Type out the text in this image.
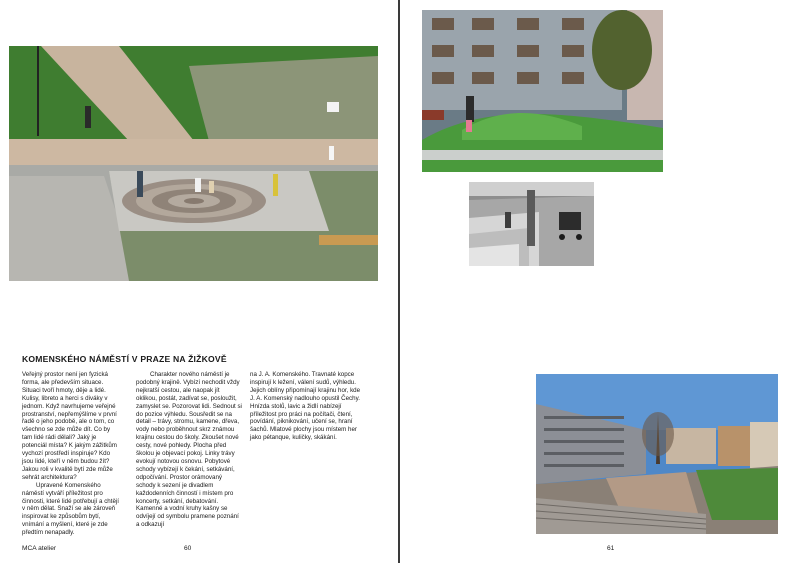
KOMENSKÉHO NÁMĚSTÍ V PRAZE NA ŽIŽKOVĚ

Veřejný prostor není jen fyzická forma, ale především situace. Situaci tvoří hmoty, děje a lidé. Kulisy, libreto a herci s diváky v jednom. Když navrhujeme veřejné prostranství, nepřemýšlíme v první řadě o jeho podobě, ale o tom, co všechno se zde může dít. Co by tam lidé rádi dělali? Jaký je potenciál místa? K jakým zážitkům vychozí prostředí inspiruje? Kdo jsou lidé, kteří v něm budou žít? Jakou roli v kvalitě bytí zde může sehrát architektura?

Upravené Komenského náměstí vytváří příležitost pro činnosti, které lidé potřebují a chtějí v něm dělat. Snaží se ale zároveň inspirovat ke způsobům bytí, vnímání a myšlení, které je zde předtím nenapadly.

Charakter nového náměstí je podobný krajině. Vybízí nechodit vždy nejkratší cestou, ale naopak jít oklikou, postát, zadívat se, posloužit, zamyslet se. Pozorovat lidi. Sednout si do pozice výhledu. Sousředit se na detail – trávy, stromu, kamene, dřeva, vody nebo proběhnout skrz známou krajinu cestou do školy. Zkoušet nové cesty, nové pohledy. Plocha před školou je objevací pokoj. Linky trávy evokují notovou osnovu. Pobytové schody vybízejí k čekání, setkávání, odpočívání. Prostor orámovaný schody k sezení je divadlem každodenních činností i místem pro koncerty, setkání, debatování. Kamenné a vodní kruhy kašny se odvíjejí od symbolu pramene poznání a odkazují

na J. A. Komenského. Travnaté kopce inspirují k ležení, válení sudů, výhledu. Jejich oblíny připomínají krajinu hor, kde J. A. Komenský nadlouho opustil Čechy. Hnízda stolů, lavic a židlí nabízejí příležitost pro práci na počítači, čtení, povídání, piknikování, učení se, hraní šachů. Mlatové plochy jsou místem her jako pétanque, kuličky, skákání.

MCA atelier	60	61
